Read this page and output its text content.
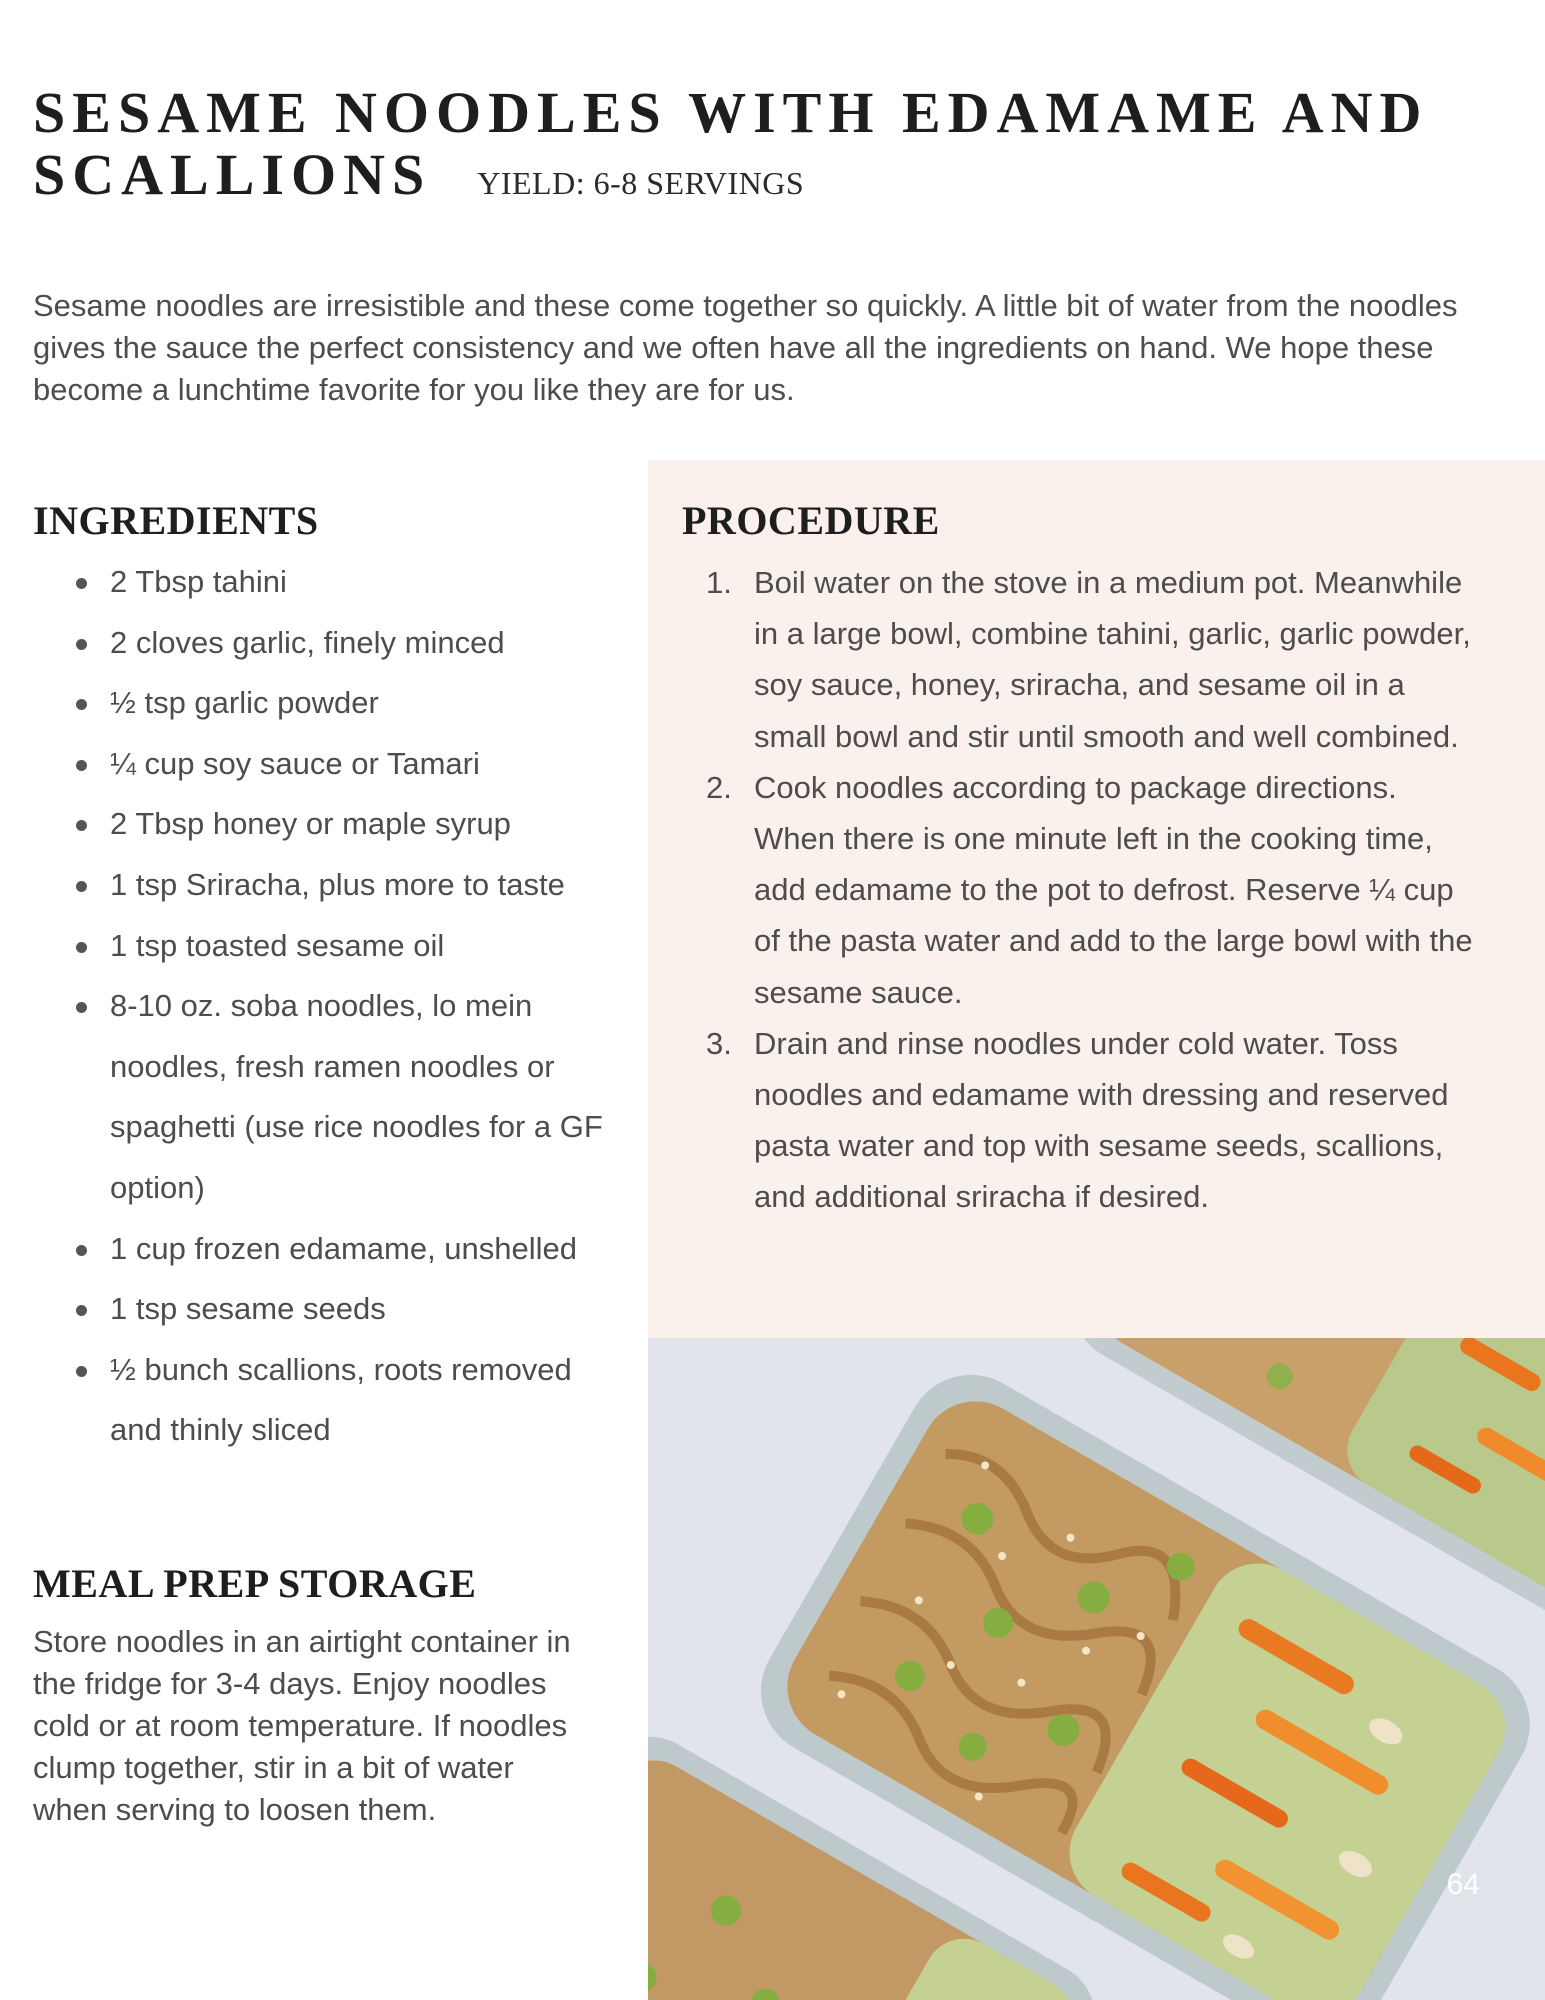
SESAME NOODLES WITH EDAMAME AND
SCALLIONS YIELD: 6-8 SERVINGS

Sesame noodles are irresistible and these come together so quickly. A little bit of water from the noodles gives the sauce the perfect consistency and we often have all the ingredients on hand. We hope these become a lunchtime favorite for you like they are for us.

INGREDIENTS
2 Tbsp tahini
2 cloves garlic, finely minced
½ tsp garlic powder
¼ cup soy sauce or Tamari
2 Tbsp honey or maple syrup
1 tsp Sriracha, plus more to taste
1 tsp toasted sesame oil
8-10 oz. soba noodles, lo mein noodles, fresh ramen noodles or spaghetti (use rice noodles for a GF option)
1 cup frozen edamame, unshelled
1 tsp sesame seeds
½ bunch scallions, roots removed and thinly sliced
PROCEDURE
1. Boil water on the stove in a medium pot. Meanwhile in a large bowl, combine tahini, garlic, garlic powder, soy sauce, honey, sriracha, and sesame oil in a small bowl and stir until smooth and well combined.
2. Cook noodles according to package directions. When there is one minute left in the cooking time, add edamame to the pot to defrost. Reserve ¼ cup of the pasta water and add to the large bowl with the sesame sauce.
3. Drain and rinse noodles under cold water. Toss noodles and edamame with dressing and reserved pasta water and top with sesame seeds, scallions, and additional sriracha if desired.
MEAL PREP STORAGE

Store noodles in an airtight container in the fridge for 3-4 days. Enjoy noodles cold or at room temperature. If noodles clump together, stir in a bit of water when serving to loosen them.

64
